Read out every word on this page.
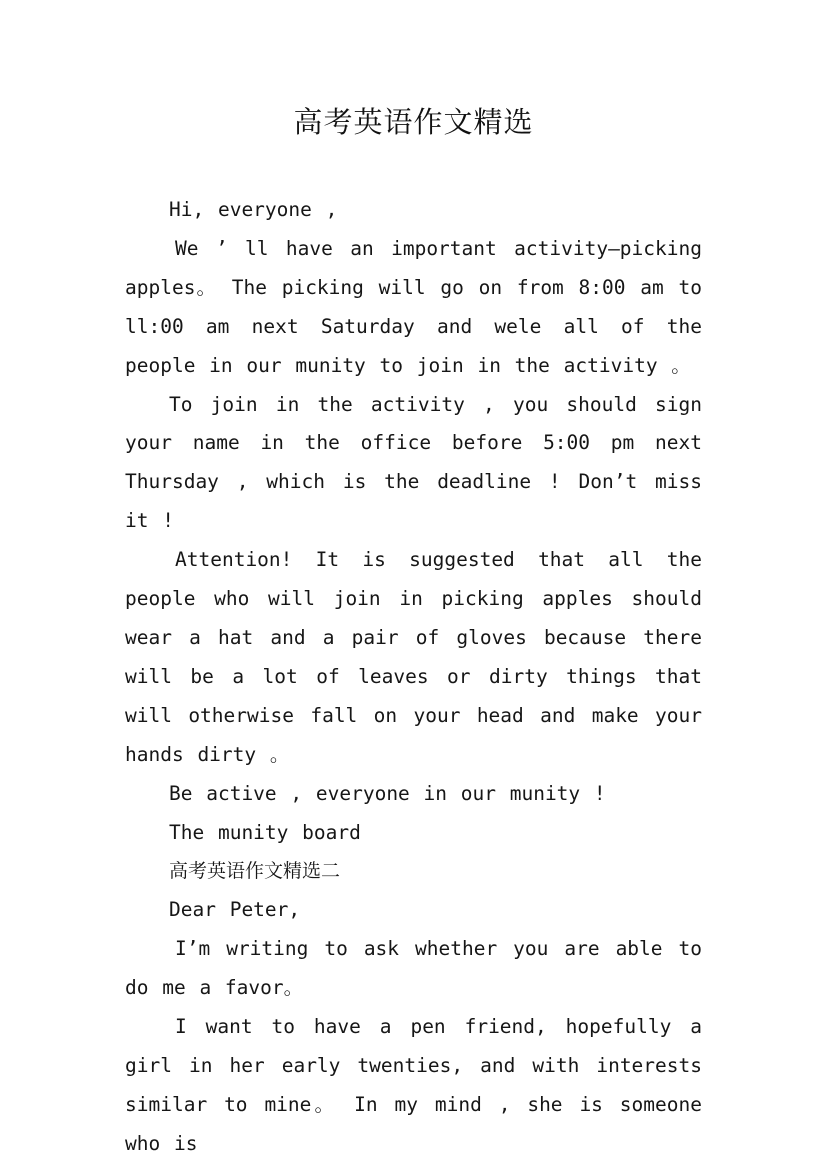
高考英语作文精选

Hi, everyone ,

We ’ ll have an important activity—picking apples。 The picking will go on from 8:00 am to ll:00 am next Saturday and wele all of the people in our munity to join in the activity 。

To join in the activity , you should sign your name in the office before 5:00 pm next Thursday , which is the deadline ! Don’t miss it !

Attention! It is suggested that all the people who will join in picking apples should wear a hat and a pair of gloves because there will be a lot of leaves or dirty things that will otherwise fall on your head and make your hands dirty 。

Be active , everyone in our munity !

The munity board

高考英语作文精选二

Dear Peter,

I’m writing to ask whether you are able to do me a favor。

I want to have a pen friend, hopefully a girl in her early twenties, and with interests similar to mine。 In my mind , she is someone who is
